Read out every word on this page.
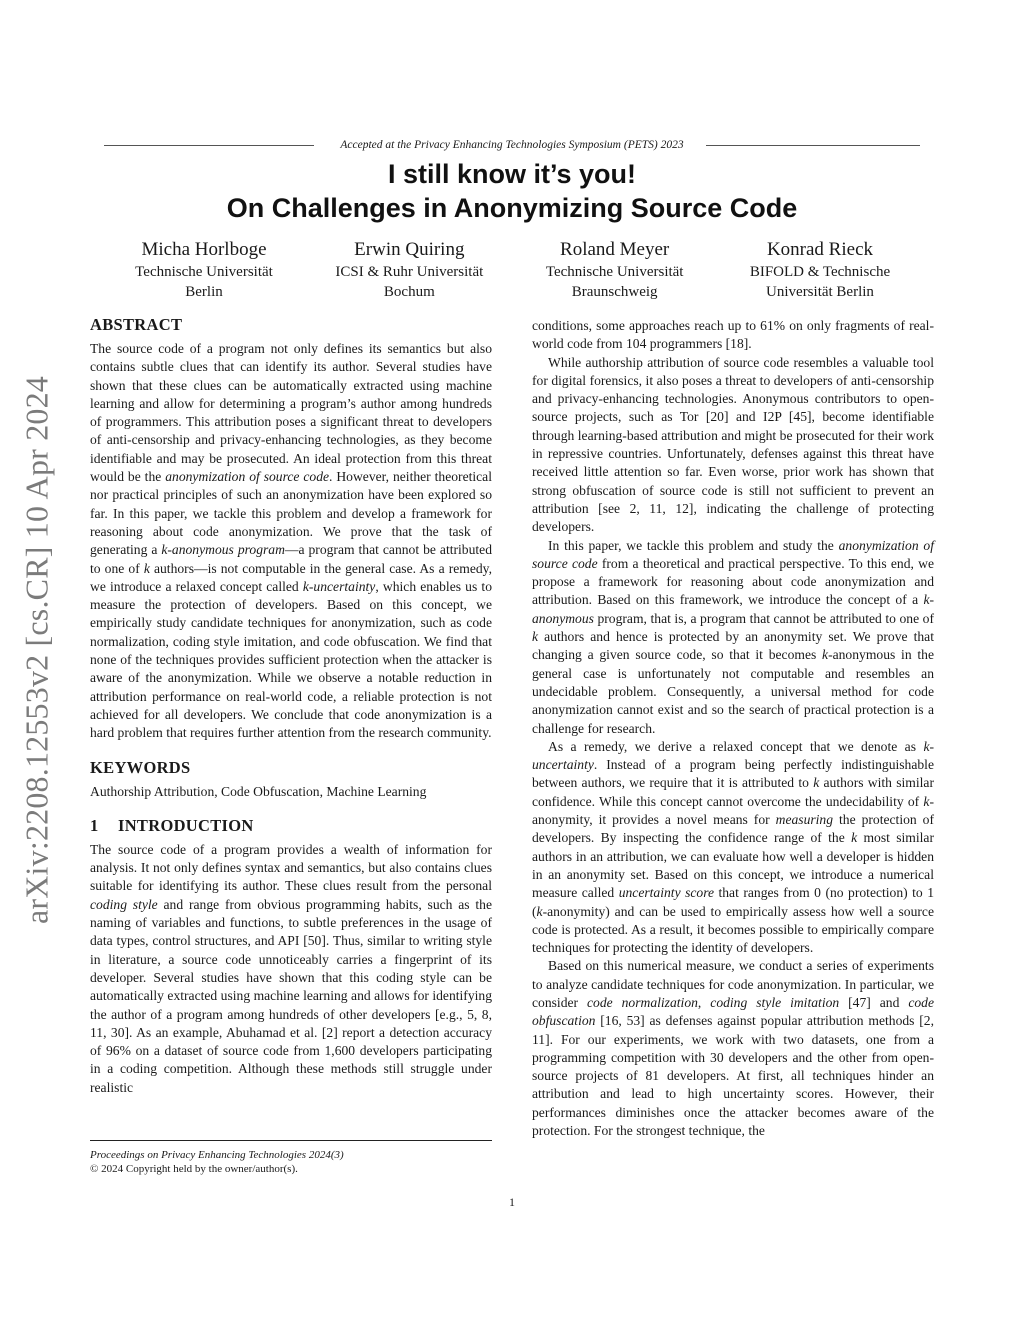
arXiv:2208.12553v2 [cs.CR] 10 Apr 2024
Accepted at the Privacy Enhancing Technologies Symposium (PETS) 2023
I still know it’s you!
On Challenges in Anonymizing Source Code
Micha Horlboge
Technische Universität
Berlin
Erwin Quiring
ICSI & Ruhr Universität
Bochum
Roland Meyer
Technische Universität
Braunschweig
Konrad Rieck
BIFOLD & Technische
Universität Berlin
ABSTRACT

The source code of a program not only defines its semantics but also contains subtle clues that can identify its author. Several studies have shown that these clues can be automatically extracted using machine learning and allow for determining a program’s author among hundreds of programmers. This attribution poses a significant threat to developers of anti-censorship and privacy-enhancing technologies, as they become identifiable and may be prosecuted. An ideal protection from this threat would be the anonymization of source code. However, neither theoretical nor practical principles of such an anonymization have been explored so far. In this paper, we tackle this problem and develop a framework for reasoning about code anonymization. We prove that the task of generating a k-anonymous program—a program that cannot be attributed to one of k authors—is not computable in the general case. As a remedy, we introduce a relaxed concept called k-uncertainty, which enables us to measure the protection of developers. Based on this concept, we empirically study candidate techniques for anonymization, such as code normalization, coding style imitation, and code obfuscation. We find that none of the techniques provides sufficient protection when the attacker is aware of the anonymization. While we observe a notable reduction in attribution performance on real-world code, a reliable protection is not achieved for all developers. We conclude that code anonymization is a hard problem that requires further attention from the research community.

KEYWORDS

Authorship Attribution, Code Obfuscation, Machine Learning

1 INTRODUCTION

The source code of a program provides a wealth of information for analysis. It not only defines syntax and semantics, but also contains clues suitable for identifying its author. These clues result from the personal coding style and range from obvious programming habits, such as the naming of variables and functions, to subtle preferences in the usage of data types, control structures, and API [50]. Thus, similar to writing style in literature, a source code unnoticeably carries a fingerprint of its developer. Several studies have shown that this coding style can be automatically extracted using machine learning and allows for identifying the author of a program among hundreds of other developers [e.g., 5, 8, 11, 30]. As an example, Abuhamad et al. [2] report a detection accuracy of 96% on a dataset of source code from 1,600 developers participating in a coding competition. Although these methods still struggle under realistic

conditions, some approaches reach up to 61% on only fragments of real-world code from 104 programmers [18].

While authorship attribution of source code resembles a valuable tool for digital forensics, it also poses a threat to developers of anti-censorship and privacy-enhancing technologies. Anonymous contributors to open-source projects, such as Tor [20] and I2P [45], become identifiable through learning-based attribution and might be prosecuted for their work in repressive countries. Unfortunately, defenses against this threat have received little attention so far. Even worse, prior work has shown that strong obfuscation of source code is still not sufficient to prevent an attribution [see 2, 11, 12], indicating the challenge of protecting developers.

In this paper, we tackle this problem and study the anonymization of source code from a theoretical and practical perspective. To this end, we propose a framework for reasoning about code anonymization and attribution. Based on this framework, we introduce the concept of a k-anonymous program, that is, a program that cannot be attributed to one of k authors and hence is protected by an anonymity set. We prove that changing a given source code, so that it becomes k-anonymous in the general case is unfortunately not computable and resembles an undecidable problem. Consequently, a universal method for code anonymization cannot exist and so the search of practical protection is a challenge for research.

As a remedy, we derive a relaxed concept that we denote as k-uncertainty. Instead of a program being perfectly indistinguishable between authors, we require that it is attributed to k authors with similar confidence. While this concept cannot overcome the undecidability of k-anonymity, it provides a novel means for measuring the protection of developers. By inspecting the confidence range of the k most similar authors in an attribution, we can evaluate how well a developer is hidden in an anonymity set. Based on this concept, we introduce a numerical measure called uncertainty score that ranges from 0 (no protection) to 1 (k-anonymity) and can be used to empirically assess how well a source code is protected. As a result, it becomes possible to empirically compare techniques for protecting the identity of developers.

Based on this numerical measure, we conduct a series of experiments to analyze candidate techniques for code anonymization. In particular, we consider code normalization, coding style imitation [47] and code obfuscation [16, 53] as defenses against popular attribution methods [2, 11]. For our experiments, we work with two datasets, one from a programming competition with 30 developers and the other from open-source projects of 81 developers. At first, all techniques hinder an attribution and lead to high uncertainty scores. However, their performances diminishes once the attacker becomes aware of the protection. For the strongest technique, the

Proceedings on Privacy Enhancing Technologies 2024(3)
© 2024 Copyright held by the owner/author(s).
1
